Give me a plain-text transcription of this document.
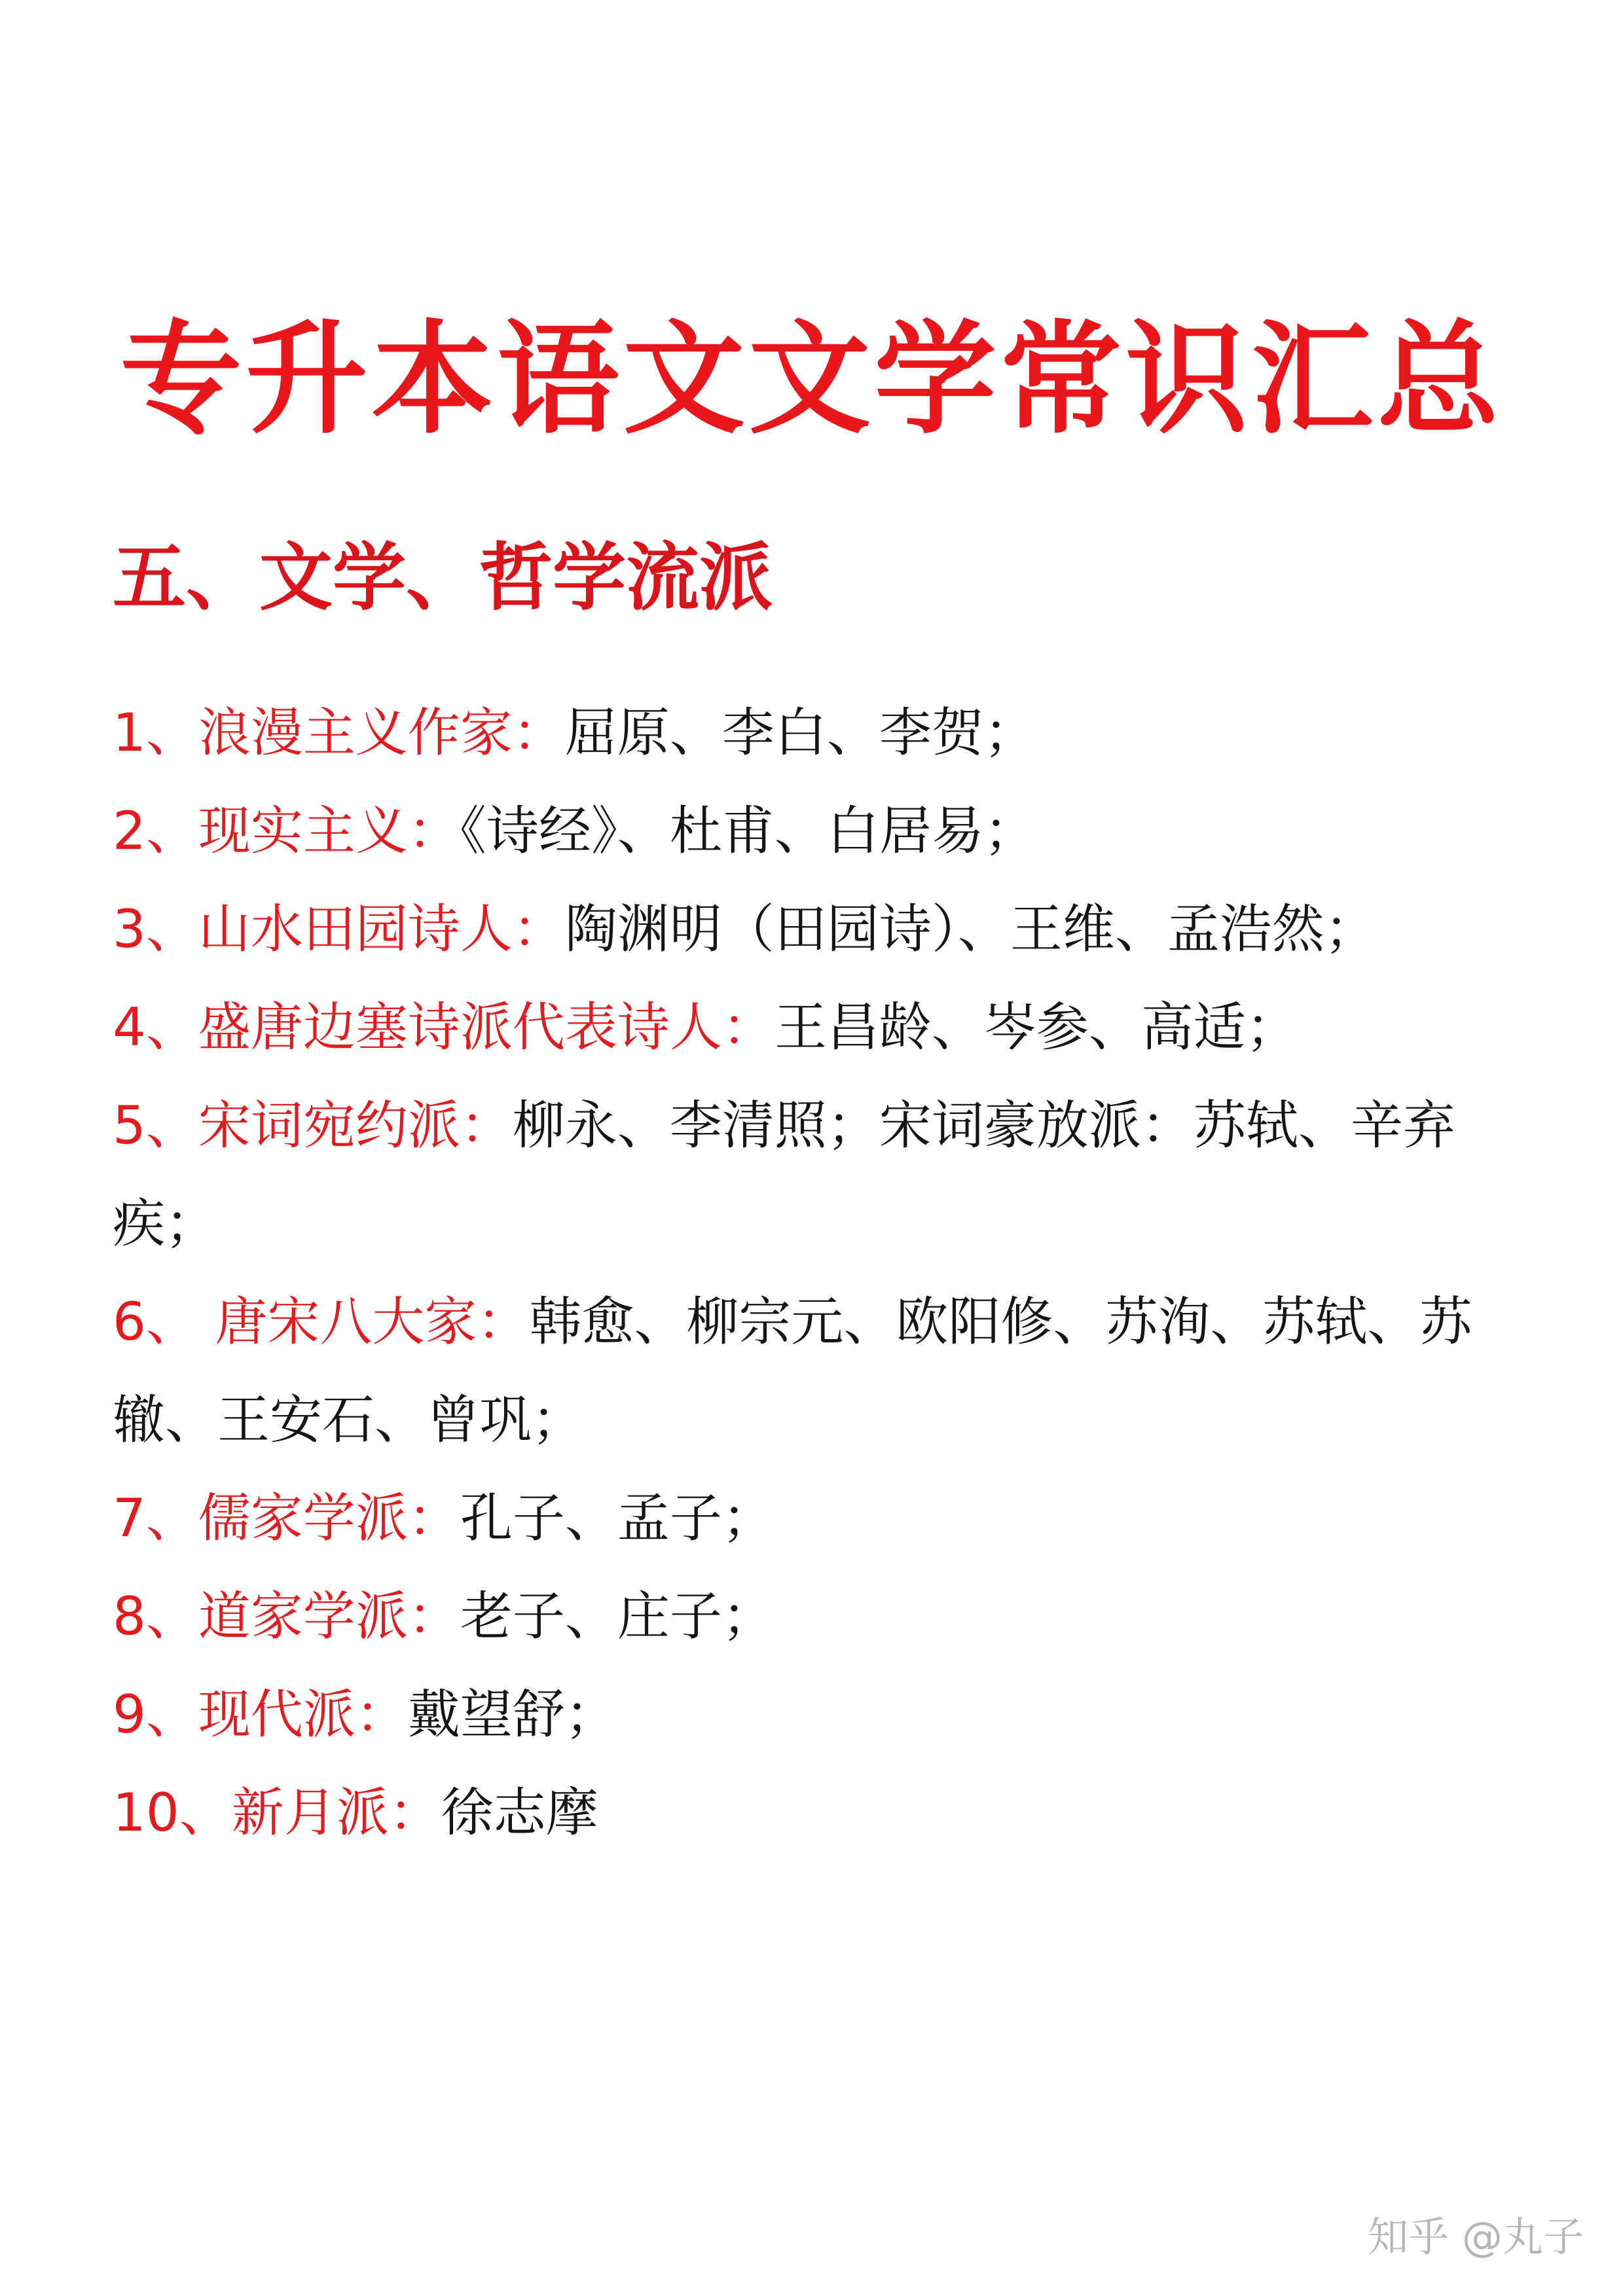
专升本语文文学常识汇总
五、文学、哲学流派

1、浪漫主义作家：屈原、李白、李贺；

2、现实主义：《诗经》、杜甫、白居易；

3、山水田园诗人：陶渊明（田园诗）、王维、孟浩然；

4、盛唐边塞诗派代表诗人：王昌龄、岑参、高适；

5、宋词宛约派：柳永、李清照；宋词豪放派：苏轼、辛弃疾；

6、 唐宋八大家：韩愈、柳宗元、欧阳修、苏洵、苏轼、苏辙、王安石、曾巩；

7、儒家学派：孔子、孟子；

8、道家学派：老子、庄子；

9、现代派：戴望舒；

10、新月派：徐志摩

知乎 @丸子
